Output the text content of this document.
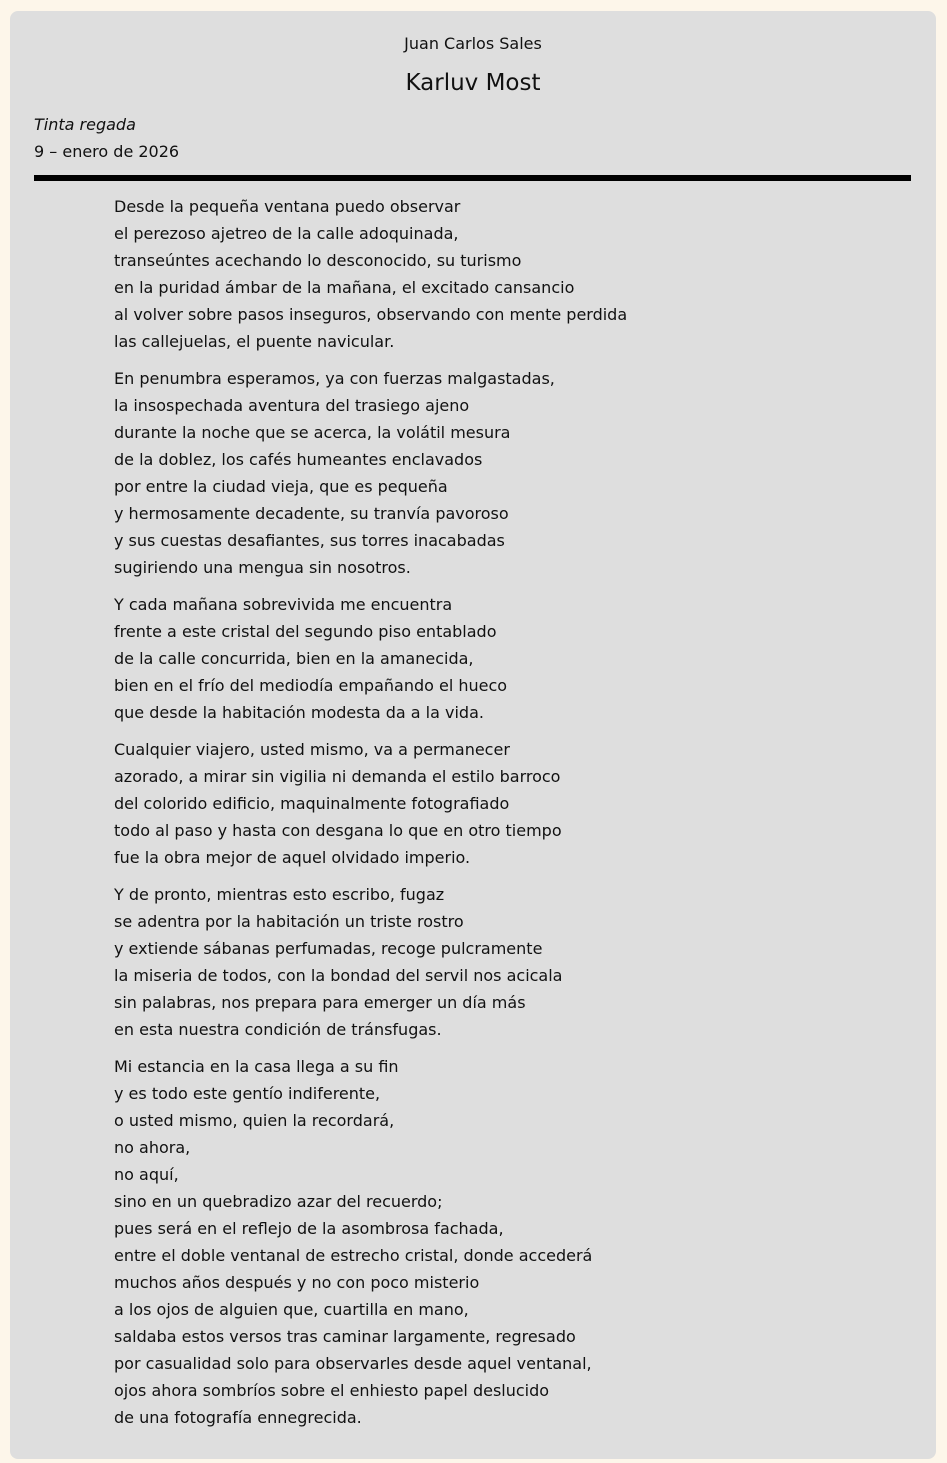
Juan Carlos Sales
Karluv Most
Tinta regada
9 – enero de 2026
Desde la pequeña ventana puedo observar
el perezoso ajetreo de la calle adoquinada,
transeúntes acechando lo desconocido, su turismo
en la puridad ámbar de la mañana, el excitado cansancio
al volver sobre pasos inseguros, observando con mente perdida
las callejuelas, el puente navicular.
En penumbra esperamos, ya con fuerzas malgastadas,
la insospechada aventura del trasiego ajeno
durante la noche que se acerca, la volátil mesura
de la doblez, los cafés humeantes enclavados
por entre la ciudad vieja, que es pequeña
y hermosamente decadente, su tranvía pavoroso
y sus cuestas desafiantes, sus torres inacabadas
sugiriendo una mengua sin nosotros.
Y cada mañana sobrevivida me encuentra
frente a este cristal del segundo piso entablado
de la calle concurrida, bien en la amanecida,
bien en el frío del mediodía empañando el hueco
que desde la habitación modesta da a la vida.
Cualquier viajero, usted mismo, va a permanecer
azorado, a mirar sin vigilia ni demanda el estilo barroco
del colorido edificio, maquinalmente fotografiado
todo al paso y hasta con desgana lo que en otro tiempo
fue la obra mejor de aquel olvidado imperio.
Y de pronto, mientras esto escribo, fugaz
se adentra por la habitación un triste rostro
y extiende sábanas perfumadas, recoge pulcramente
la miseria de todos, con la bondad del servil nos acicala
sin palabras, nos prepara para emerger un día más
en esta nuestra condición de tránsfugas.
Mi estancia en la casa llega a su fin
y es todo este gentío indiferente,
o usted mismo, quien la recordará,
no ahora,
no aquí,
sino en un quebradizo azar del recuerdo;
pues será en el reflejo de la asombrosa fachada,
entre el doble ventanal de estrecho cristal, donde accederá
muchos años después y no con poco misterio
a los ojos de alguien que, cuartilla en mano,
saldaba estos versos tras caminar largamente, regresado
por casualidad solo para observarles desde aquel ventanal,
ojos ahora sombríos sobre el enhiesto papel deslucido
de una fotografía ennegrecida.
